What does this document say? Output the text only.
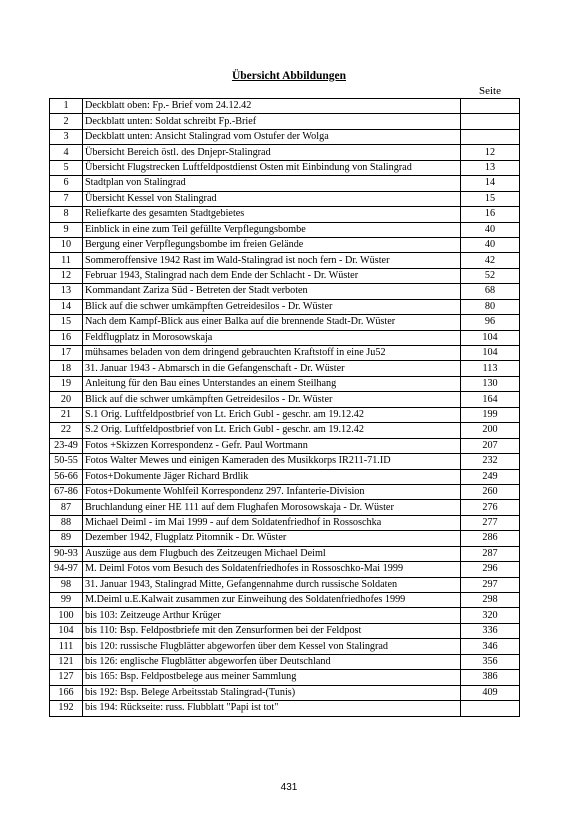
Übersicht Abbildungen
Seite
1	Deckblatt oben: Fp.- Brief vom 24.12.42	
2	Deckblatt unten: Soldat schreibt Fp.-Brief	
3	Deckblatt unten: Ansicht Stalingrad vom Ostufer der Wolga	
4	Übersicht Bereich östl. des Dnjepr-Stalingrad	12
5	Übersicht Flugstrecken Luftfeldpostdienst Osten mit Einbindung von Stalingrad	13
6	Stadtplan von Stalingrad	14
7	Übersicht Kessel von Stalingrad	15
8	Reliefkarte des gesamten Stadtgebietes	16
9	Einblick in eine zum Teil gefüllte Verpflegungsbombe	40
10	Bergung einer Verpflegungsbombe im freien Gelände	40
11	Sommeroffensive 1942 Rast im Wald-Stalingrad ist noch fern - Dr. Wüster	42
12	Februar 1943, Stalingrad nach dem Ende der Schlacht - Dr. Wüster	52
13	Kommandant Zariza Süd - Betreten der Stadt verboten	68
14	Blick auf die schwer umkämpften Getreidesilos - Dr. Wüster	80
15	Nach dem Kampf-Blick aus einer Balka auf die brennende Stadt-Dr. Wüster	96
16	Feldflugplatz in Morosowskaja	104
17	mühsames beladen von dem dringend gebrauchten Kraftstoff in eine Ju52	104
18	31. Januar 1943 - Abmarsch in die Gefangenschaft - Dr. Wüster	113
19	Anleitung für den Bau eines Unterstandes an einem Steilhang	130
20	Blick auf die schwer umkämpften Getreidesilos - Dr. Wüster	164
21	S.1 Orig. Luftfeldpostbrief von Lt. Erich Gubl - geschr. am 19.12.42	199
22	S.2 Orig. Luftfeldpostbrief von Lt. Erich Gubl - geschr. am 19.12.42	200
23-49	Fotos +Skizzen Korrespondenz - Gefr. Paul Wortmann	207
50-55	Fotos Walter Mewes und einigen Kameraden des Musikkorps IR211-71.ID	232
56-66	Fotos+Dokumente Jäger Richard Brdlik	249
67-86	Fotos+Dokumente Wohlfeil Korrespondenz 297. Infanterie-Division	260
87	Bruchlandung einer HE 111 auf dem Flughafen Morosowskaja - Dr. Wüster	276
88	Michael Deiml - im Mai 1999 - auf dem Soldatenfriedhof in Rossoschka	277
89	Dezember 1942, Flugplatz Pitomnik - Dr. Wüster	286
90-93	Auszüge aus dem Flugbuch des Zeitzeugen Michael Deiml	287
94-97	M. Deiml Fotos vom Besuch des Soldatenfriedhofes in Rossoschko-Mai 1999	296
98	31. Januar 1943, Stalingrad Mitte, Gefangennahme durch russische Soldaten	297
99	M.Deiml u.E.Kalwait zusammen zur Einweihung des Soldatenfriedhofes 1999	298
100	bis 103: Zeitzeuge Arthur Krüger	320
104	bis 110: Bsp. Feldpostbriefe mit den Zensurformen bei der Feldpost	336
111	bis 120: russische Flugblätter abgeworfen über dem Kessel von Stalingrad	346
121	bis 126: englische Flugblätter abgeworfen über Deutschland	356
127	bis 165: Bsp. Feldpostbelege aus meiner Sammlung	386
166	bis 192: Bsp. Belege Arbeitsstab Stalingrad-(Tunis)	409
192	bis 194: Rückseite: russ. Flubblatt "Papi ist tot"	
431
